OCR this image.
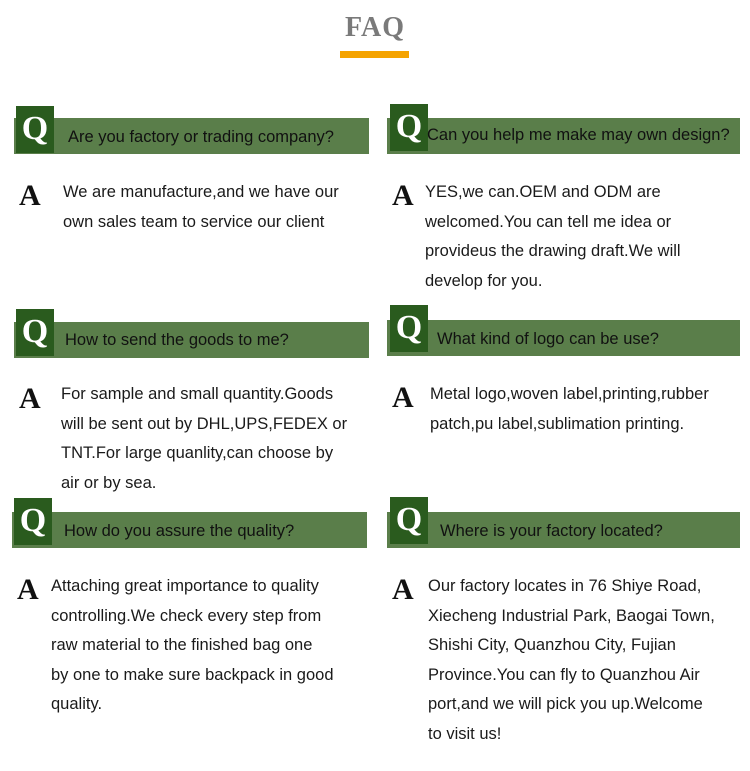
FAQ
Q Are you factory or trading company?
A We are manufacture,and we have our
own sales team to service our client
Q Can you help me make may own design?
A YES,we can.OEM and ODM are
welcomed.You can tell me idea or
provideus the drawing draft.We will
develop for you.
Q How to send the goods to me?
A For sample and small quantity.Goods
will be sent out by DHL,UPS,FEDEX or
TNT.For large quanlity,can choose by
air or by sea.
Q What kind of logo can be use?
A Metal logo,woven label,printing,rubber
patch,pu label,sublimation printing.
Q How do you assure the quality?
A Attaching great importance to quality
controlling.We check every step from
raw material to the finished bag one
by one to make sure backpack in good
quality.
Q Where is your factory located?
A Our factory locates in 76 Shiye Road,
Xiecheng Industrial Park, Baogai Town,
Shishi City, Quanzhou City, Fujian
Province.You can fly to Quanzhou Air
port,and we will pick you up.Welcome
to visit us!
